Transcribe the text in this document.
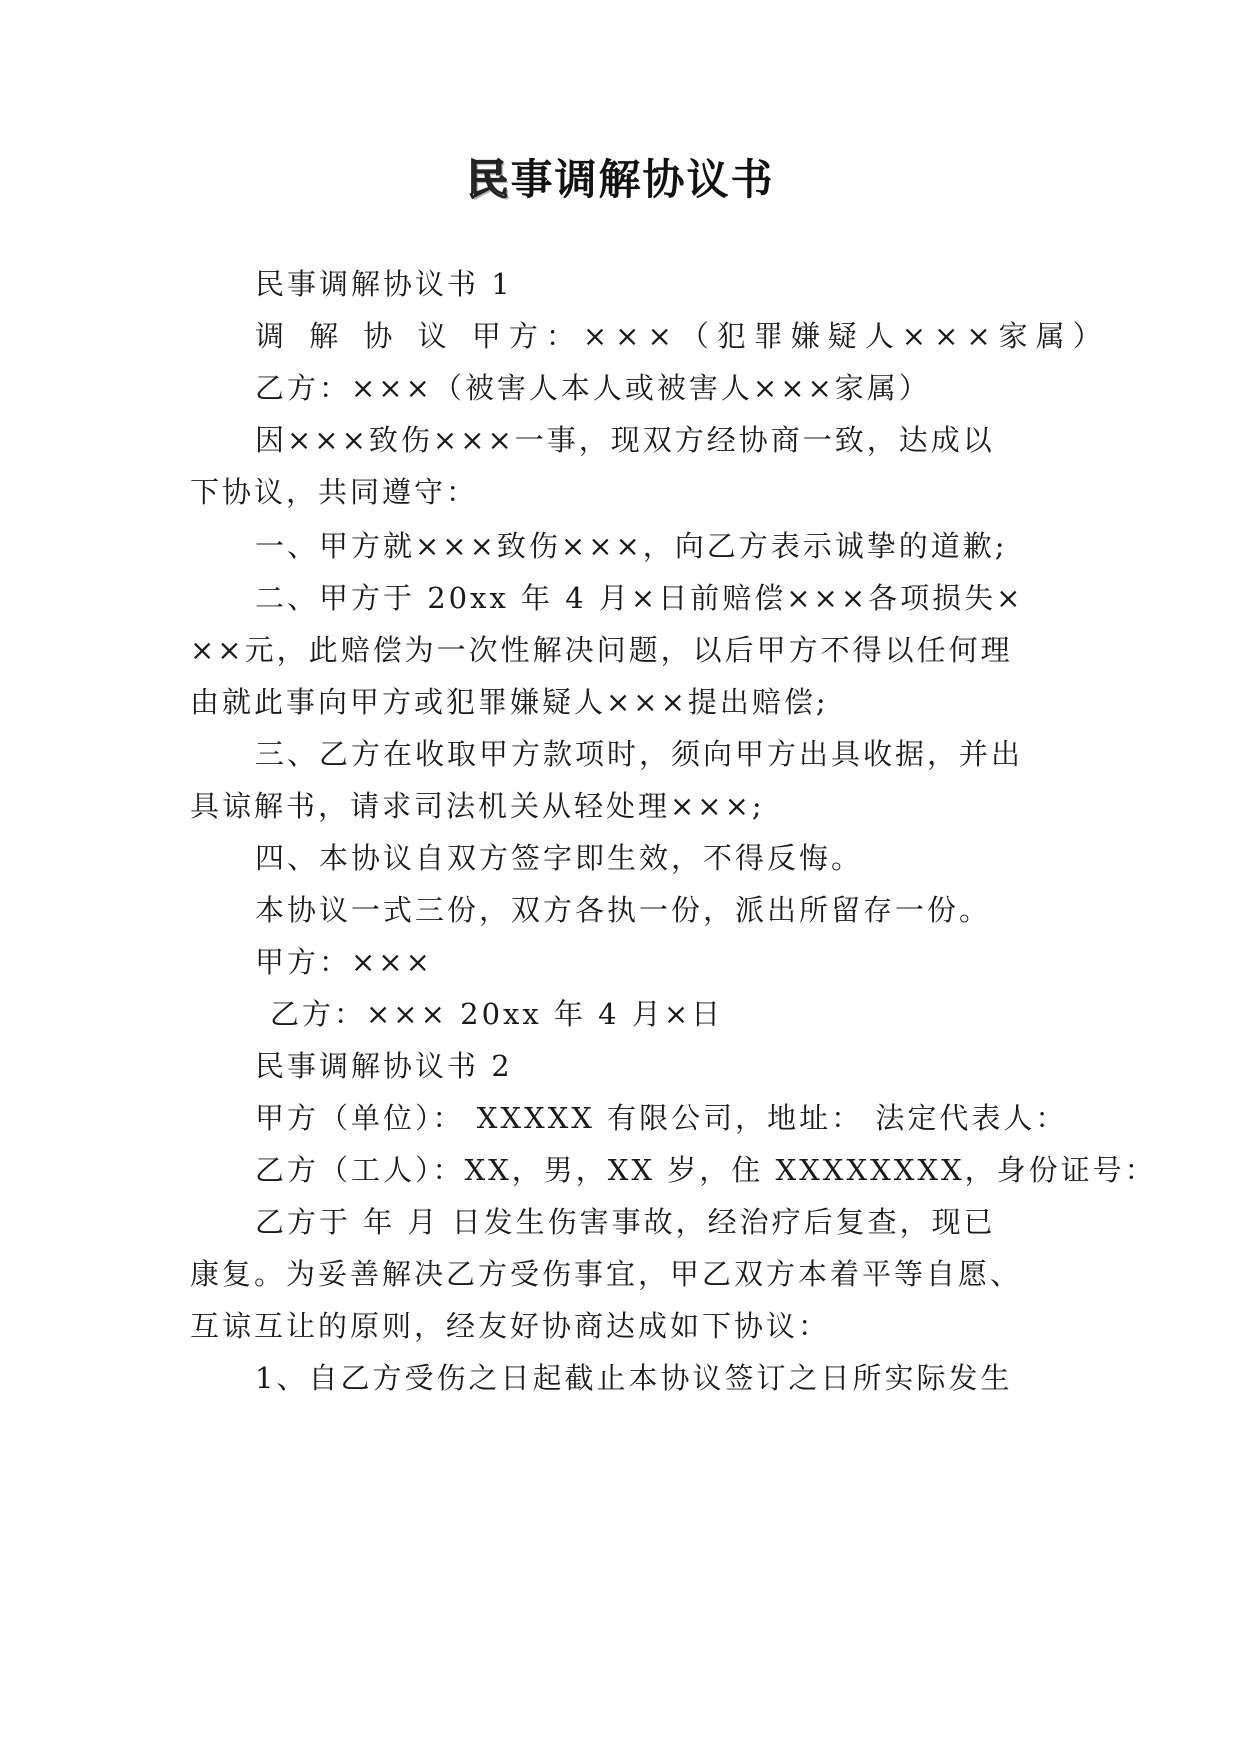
民事调解协议书
民事调解协议书 1
调 解 协 议 甲方：×××（犯罪嫌疑人×××家属）
乙方：×××（被害人本人或被害人×××家属）
因×××致伤×××一事，现双方经协商一致，达成以
下协议，共同遵守：
一、甲方就×××致伤×××，向乙方表示诚挚的道歉;
二、甲方于 20xx 年 4 月×日前赔偿×××各项损失×
××元，此赔偿为一次性解决问题，以后甲方不得以任何理
由就此事向甲方或犯罪嫌疑人×××提出赔偿;
三、乙方在收取甲方款项时，须向甲方出具收据，并出
具谅解书，请求司法机关从轻处理×××;
四、本协议自双方签字即生效，不得反悔。
本协议一式三份，双方各执一份，派出所留存一份。
甲方：×××
乙方：××× 20xx 年 4 月×日
民事调解协议书 2
甲方（单位）： XXXXX 有限公司，地址： 法定代表人：
乙方（工人）：XX，男，XX 岁，住 XXXXXXXX，身份证号：
乙方于 年 月 日发生伤害事故，经治疗后复查，现已
康复。为妥善解决乙方受伤事宜，甲乙双方本着平等自愿、
互谅互让的原则，经友好协商达成如下协议：
1、自乙方受伤之日起截止本协议签订之日所实际发生
